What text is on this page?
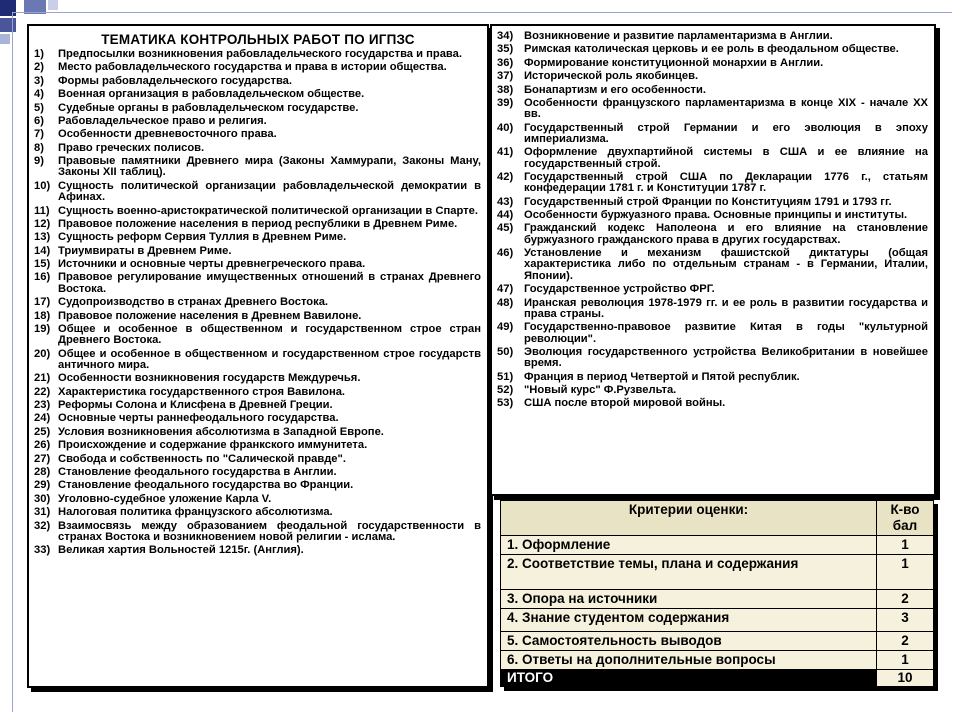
ТЕМАТИКА КОНТРОЛЬНЫХ РАБОТ ПО ИГПЗС
1)	Предпосылки возникновения рабовладельческого государства и права.
2)	Место рабовладельческого государства и права в истории общества.
3)	Формы рабовладельческого государства.
4)	Военная организация в рабовладельческом обществе.
5)	Судебные органы в рабовладельческом государстве.
6)	Рабовладельческое право и религия.
7)	Особенности древневосточного права.
8)	Право греческих полисов.
9)	Правовые памятники Древнего мира (Законы Хаммурапи, Законы Ману, Законы XII таблиц).
10) Сущность политической организации рабовладельческой демократии в Афинах.
11) Сущность военно-аристократической политической организации в Спарте.
12) Правовое положение населения в период республики в Древнем Риме.
13) Сущность реформ Сервия Туллия в Древнем Риме.
14) Триумвираты в Древнем Риме.
15) Источники и основные черты древнегреческого права.
16) Правовое регулирование имущественных отношений в странах Древнего Востока.
17) Судопроизводство в странах Древнего Востока.
18) Правовое положение населения в Древнем Вавилоне.
19) Общее и особенное в общественном и государственном строе стран Древнего Востока.
20) Общее и особенное в общественном и государственном строе государств античного мира.
21) Особенности возникновения государств Междуречья.
22) Характеристика государственного строя Вавилона.
23) Реформы Солона и Клисфена в Древней Греции.
24) Основные черты раннефеодального государства.
25) Условия возникновения абсолютизма в Западной Европе.
26) Происхождение и содержание франкского иммунитета.
27) Свобода и собственность по "Салической правде".
28) Становление феодального государства в Англии.
29) Становление феодального государства во Франции.
30) Уголовно-судебное уложение Карла V.
31) Налоговая политика французского абсолютизма.
32) Взаимосвязь между образованием феодальной государственности в странах Востока и возникновением новой религии - ислама.
33) Великая хартия Вольностей 1215г. (Англия).
34) Возникновение и развитие парламентаризма в Англии.
35) Римская католическая церковь и ее роль в феодальном обществе.
36) Формирование конституционной монархии в Англии.
37) Исторической роль якобинцев.
38) Бонапартизм и его особенности.
39) Особенности французского парламентаризма в конце XIX - начале XX вв.
40) Государственный строй Германии и его эволюция в эпоху империализма.
41) Оформление двухпартийной системы в США и ее влияние на государственный строй.
42) Государственный строй США по Декларации 1776 г., статьям конфедерации 1781 г. и Конституции 1787 г.
43) Государственный строй Франции по Конституциям 1791 и 1793 гг.
44) Особенности буржуазного права. Основные принципы и институты.
45) Гражданский кодекс Наполеона и его влияние на становление буржуазного гражданского права в других государствах.
46) Установление и механизм фашистской диктатуры (общая характеристика либо по отдельным странам - в Германии, Италии, Японии).
47) Государственное устройство ФРГ.
48) Иранская революция 1978-1979 гг. и ее роль в развитии государства и права страны.
49) Государственно-правовое развитие Китая в годы "культурной революции".
50) Эволюция государственного устройства Великобритании в новейшее время.
51) Франция в период Четвертой и Пятой республик.
52) "Новый курс" Ф.Рузвельта.
53) США после второй мировой войны.
Критерии оценки:	К-во бал
1. Оформление	1
2. Соответствие темы, плана и содержания	1
3. Опора на источники	2
4. Знание студентом содержания	3
5. Самостоятельность выводов	2
6. Ответы на дополнительные вопросы	1
ИТОГО	10
